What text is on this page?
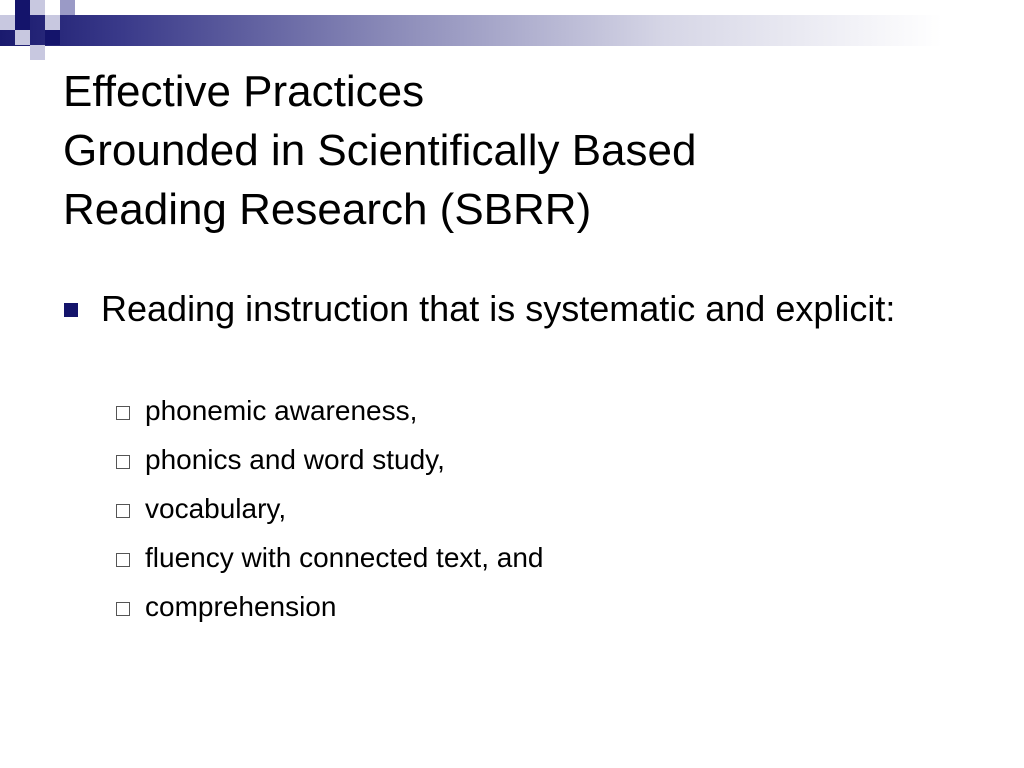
Effective Practices
Grounded in Scientifically Based
Reading Research (SBRR)
Reading instruction that is systematic and explicit:
phonemic awareness,
phonics and word study,
vocabulary,
fluency with connected text, and
comprehension
